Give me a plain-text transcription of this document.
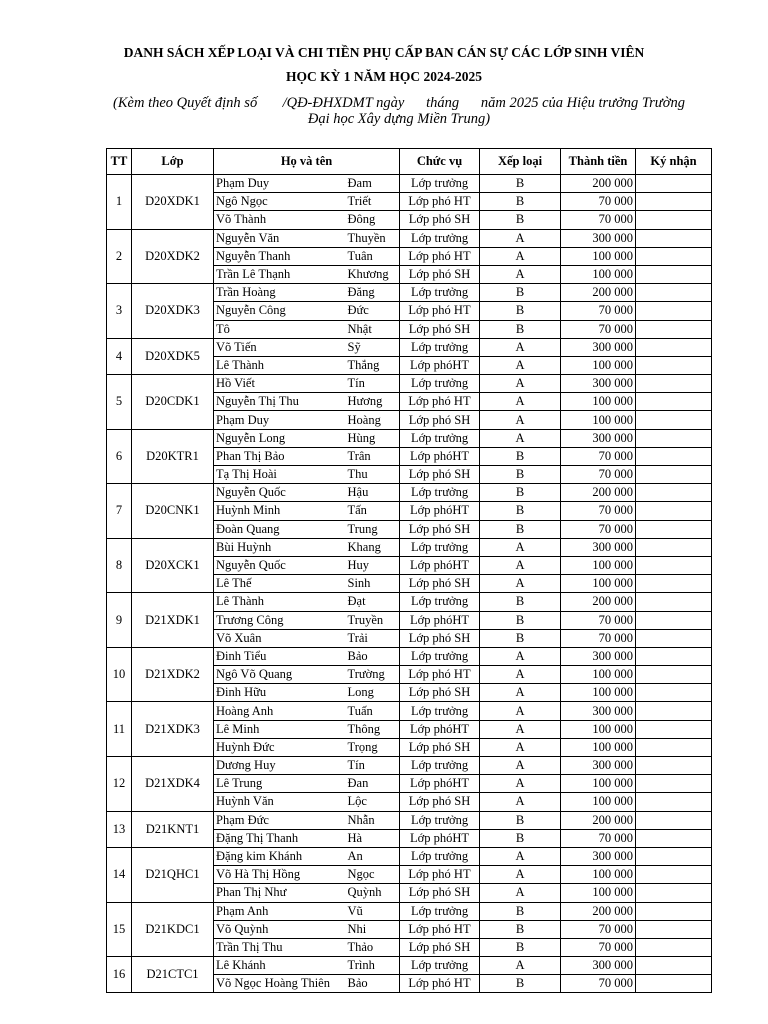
DANH SÁCH XẾP LOẠI VÀ CHI TIỀN PHỤ CẤP BAN CÁN SỰ CÁC LỚP SINH VIÊN
HỌC KỲ 1 NĂM HỌC 2024-2025
(Kèm theo Quyết định số       /QĐ-ĐHXDMT ngày      tháng      năm 2025 của Hiệu trưởng Trường
Đại học Xây dựng Miền Trung)
TT	Lớp	Họ và tên		Chức vụ	Xếp loại	Thành tiền	Ký nhận
1	D20XDK1	Phạm Duy	Đam	Lớp trưởng	B	200 000	
		Ngô Ngọc	Triết	Lớp phó HT	B	70 000	
		Võ Thành	Đông	Lớp phó SH	B	70 000	
2	D20XDK2	Nguyễn Văn	Thuyền	Lớp trưởng	A	300 000	
		Nguyễn Thanh	Tuân	Lớp phó HT	A	100 000	
		Trần Lê Thạnh	Khương	Lớp phó SH	A	100 000	
3	D20XDK3	Trần Hoàng	Đăng	Lớp trưởng	B	200 000	
		Nguyễn Công	Đức	Lớp phó HT	B	70 000	
		Tô	Nhật	Lớp phó SH	B	70 000	
4	D20XDK5	Võ Tiến	Sỹ	Lớp trưởng	A	300 000	
		Lê Thành	Thắng	Lớp phóHT	A	100 000	
5	D20CDK1	Hồ Viết	Tín	Lớp trưởng	A	300 000	
		Nguyễn Thị Thu	Hương	Lớp phó HT	A	100 000	
		Phạm Duy	Hoàng	Lớp phó SH	A	100 000	
6	D20KTR1	Nguyễn Long	Hùng	Lớp trưởng	A	300 000	
		Phan Thị Bảo	Trân	Lớp phóHT	B	70 000	
		Tạ Thị Hoài	Thu	Lớp phó SH	B	70 000	
7	D20CNK1	Nguyễn Quốc	Hậu	Lớp trưởng	B	200 000	
		Huỳnh Minh	Tấn	Lớp phóHT	B	70 000	
		Đoàn Quang	Trung	Lớp phó SH	B	70 000	
8	D20XCK1	Bùi Huỳnh	Khang	Lớp trưởng	A	300 000	
		Nguyễn Quốc	Huy	Lớp phóHT	A	100 000	
		Lê Thế	Sinh	Lớp phó SH	A	100 000	
9	D21XDK1	Lê Thành	Đạt	Lớp trưởng	B	200 000	
		Trương Công	Truyền	Lớp phóHT	B	70 000	
		Võ Xuân	Trải	Lớp phó SH	B	70 000	
10	D21XDK2	Đinh Tiểu	Bảo	Lớp trưởng	A	300 000	
		Ngô Võ Quang	Trường	Lớp phó HT	A	100 000	
		Đinh Hữu	Long	Lớp phó SH	A	100 000	
11	D21XDK3	Hoàng Anh	Tuấn	Lớp trưởng	A	300 000	
		Lê Minh	Thông	Lớp phóHT	A	100 000	
		Huỳnh Đức	Trọng	Lớp phó SH	A	100 000	
12	D21XDK4	Dương Huy	Tín	Lớp trưởng	A	300 000	
		Lê Trung	Đan	Lớp phóHT	A	100 000	
		Huỳnh Văn	Lộc	Lớp phó SH	A	100 000	
13	D21KNT1	Phạm Đức	Nhẫn	Lớp trưởng	B	200 000	
		Đặng Thị Thanh	Hà	Lớp phóHT	B	70 000	
14	D21QHC1	Đặng kim Khánh	An	Lớp trưởng	A	300 000	
		Võ Hà Thị Hồng	Ngọc	Lớp phó HT	A	100 000	
		Phan Thị Như	Quỳnh	Lớp phó SH	A	100 000	
15	D21KDC1	Phạm Anh	Vũ	Lớp trưởng	B	200 000	
		Võ Quỳnh	Nhi	Lớp phó HT	B	70 000	
		Trần Thị Thu	Thảo	Lớp phó SH	B	70 000	
16	D21CTC1	Lê Khánh	Trình	Lớp trưởng	A	300 000	
		Võ Ngọc Hoàng Thiên	Bảo	Lớp phó HT	B	70 000	
